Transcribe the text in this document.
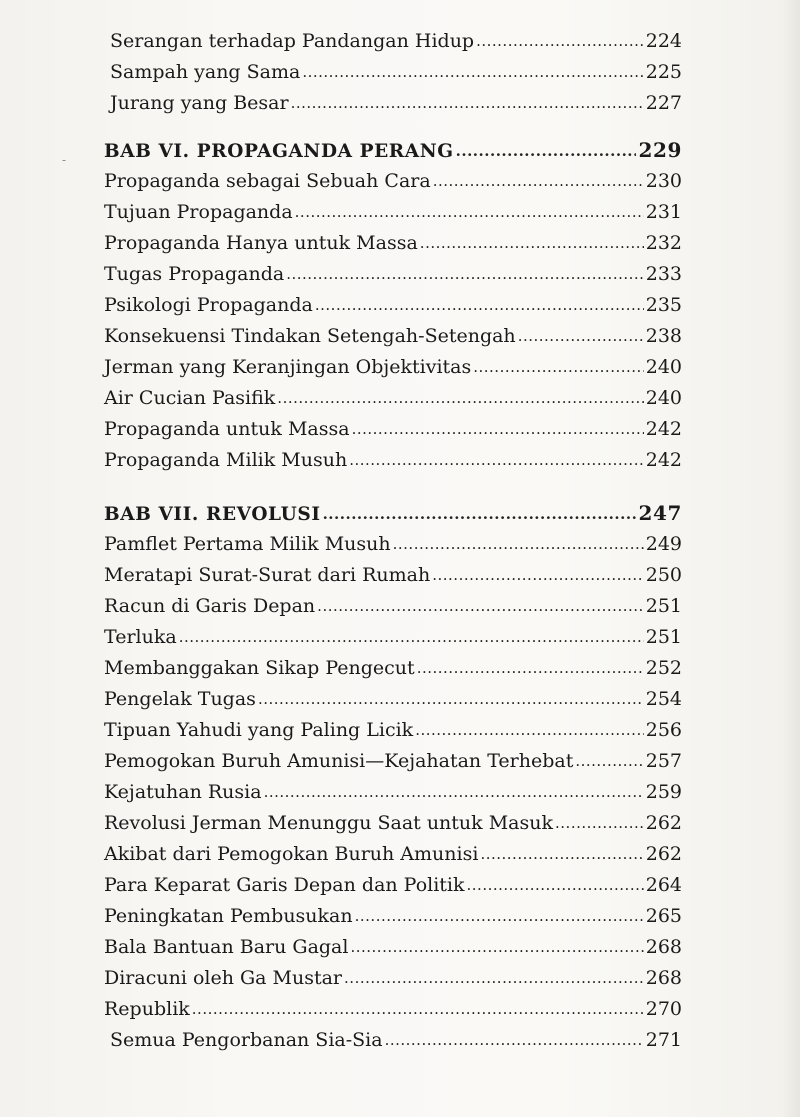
‐
Serangan terhadap Pandangan Hidup .....	224
Sampah yang Sama .....	225
Jurang yang Besar .....	227
BAB VI. PROPAGANDA PERANG .....	229
Propaganda sebagai Sebuah Cara .....	230
Tujuan Propaganda .....	231
Propaganda Hanya untuk Massa .....	232
Tugas Propaganda .....	233
Psikologi Propaganda .....	235
Konsekuensi Tindakan Setengah-Setengah .....	238
Jerman yang Keranjingan Objektivitas .....	240
Air Cucian Pasifik .....	240
Propaganda untuk Massa .....	242
Propaganda Milik Musuh .....	242
BAB VII. REVOLUSI .....	247
Pamflet Pertama Milik Musuh .....	249
Meratapi Surat-Surat dari Rumah .....	250
Racun di Garis Depan .....	251
Terluka .....	251
Membanggakan Sikap Pengecut .....	252
Pengelak Tugas .....	254
Tipuan Yahudi yang Paling Licik .....	256
Pemogokan Buruh Amunisi—Kejahatan Terhebat .....	257
Kejatuhan Rusia .....	259
Revolusi Jerman Menunggu Saat untuk Masuk .....	262
Akibat dari Pemogokan Buruh Amunisi .....	262
Para Keparat Garis Depan dan Politik .....	264
Peningkatan Pembusukan .....	265
Bala Bantuan Baru Gagal .....	268
Diracuni oleh Ga Mustar .....	268
Republik .....	270
Semua Pengorbanan Sia-Sia .....	271
